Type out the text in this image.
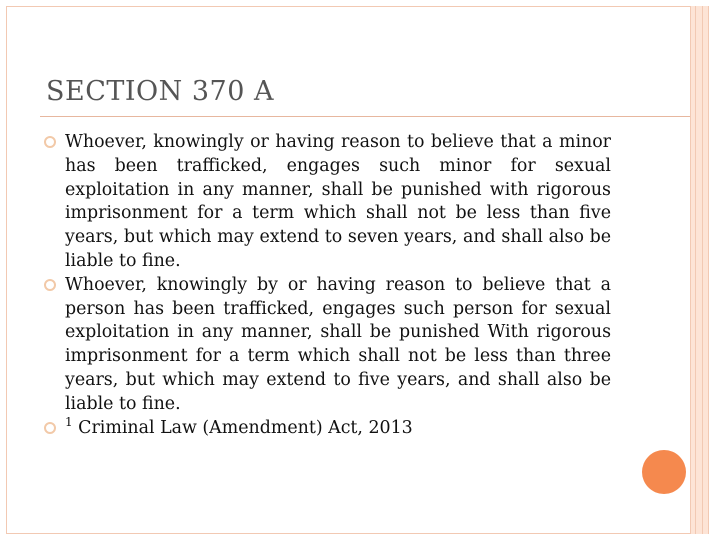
SECTION 370 A
Whoever, knowingly or having reason to believe that a minor has been trafficked, engages such minor for sexual exploitation in any manner, shall be punished with rigorous imprisonment for a term which shall not be less than five years, but which may extend to seven years, and shall also be liable to fine.
Whoever, knowingly by or having reason to believe that a person has been trafficked, engages such person for sexual exploitation in any manner, shall be punished With rigorous imprisonment for a term which shall not be less than three years, but which may extend to five years, and shall also be liable to fine.
$^1$ Criminal Law (Amendment) Act, 2013
